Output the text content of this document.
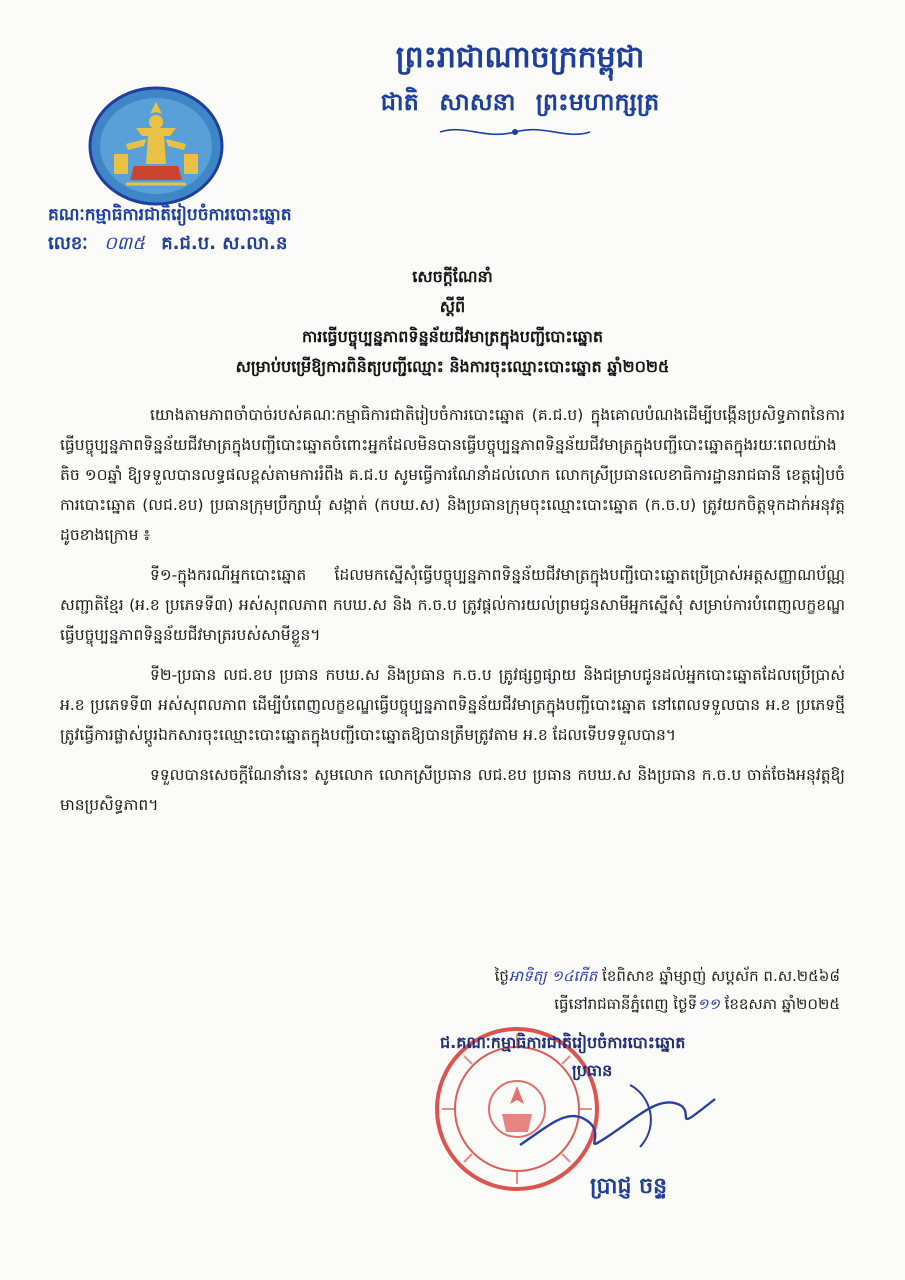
ព្រះរាជាណាចក្រកម្ពុជា
ជាតិ សាសនា ព្រះមហាក្សត្រ
គណៈកម្មាធិការជាតិរៀបចំការបោះឆ្នោត
លេខៈ ០៣៥ គ.ជ.ប. ស.លា.ន
សេចក្តីណែនាំ
ស្តីពី
ការធ្វើបច្ចុប្បន្នភាពទិន្នន័យជីវមាត្រក្នុងបញ្ជីបោះឆ្នោត
សម្រាប់បម្រើឱ្យការពិនិត្យបញ្ជីឈ្មោះ និងការចុះឈ្មោះបោះឆ្នោត ឆ្នាំ២០២៥

យោងតាមភាពចាំបាច់របស់គណៈកម្មាធិការជាតិរៀបចំការបោះឆ្នោត (គ.ជ.ប) ក្នុងគោលបំណងដើម្បីបង្កើនប្រសិទ្ធភាពនៃការធ្វើបច្ចុប្បន្នភាពទិន្នន័យជីវមាត្រក្នុងបញ្ជីបោះឆ្នោតចំពោះអ្នកដែលមិនបានធ្វើបច្ចុប្បន្នភាពទិន្នន័យជីវមាត្រក្នុងបញ្ជីបោះឆ្នោតក្នុងរយៈពេលយ៉ាងតិច ១០ឆ្នាំ ឱ្យទទួលបានលទ្ធផលខ្ពស់តាមការរំពឹង គ.ជ.ប សូមធ្វើការណែនាំដល់លោក លោកស្រីប្រធានលេខាធិការដ្ឋានរាជធានី ខេត្តរៀបចំការបោះឆ្នោត (លជ.ខប) ប្រធានក្រុមប្រឹក្សាឃុំ សង្កាត់ (កបឃ.ស) និងប្រធានក្រុមចុះឈ្មោះបោះឆ្នោត (ក.ច.ប) ត្រូវយកចិត្តទុកដាក់អនុវត្ត ដូចខាងក្រោម ៖

ទី១-ក្នុងករណីអ្នកបោះឆ្នោត ដែលមកស្នើសុំធ្វើបច្ចុប្បន្នភាពទិន្នន័យជីវមាត្រក្នុងបញ្ជីបោះឆ្នោតប្រើប្រាស់អត្តសញ្ញាណប័ណ្ណសញ្ជាតិខ្មែរ (អ.ខ ប្រភេទទី៣) អស់សុពលភាព កបឃ.ស និង ក.ច.ប ត្រូវផ្តល់ការយល់ព្រមជូនសាមីអ្នកស្នើសុំ សម្រាប់ការបំពេញលក្ខខណ្ឌធ្វើបច្ចុប្បន្នភាពទិន្នន័យជីវមាត្ររបស់សាមីខ្លួន។

ទី២-ប្រធាន លជ.ខប ប្រធាន កបឃ.ស និងប្រធាន ក.ច.ប ត្រូវផ្សព្វផ្សាយ និងជម្រាបជូនដល់អ្នកបោះឆ្នោតដែលប្រើប្រាស់ អ.ខ ប្រភេទទី៣ អស់សុពលភាព ដើម្បីបំពេញលក្ខខណ្ឌធ្វើបច្ចុប្បន្នភាពទិន្នន័យជីវមាត្រក្នុងបញ្ជីបោះឆ្នោត នៅពេលទទួលបាន អ.ខ ប្រភេទថ្មី ត្រូវធ្វើការផ្លាស់ប្តូរឯកសារចុះឈ្មោះបោះឆ្នោតក្នុងបញ្ជីបោះឆ្នោតឱ្យបានត្រឹមត្រូវតាម អ.ខ ដែលទើបទទួលបាន។

ទទួលបានសេចក្តីណែនាំនេះ សូមលោក លោកស្រីប្រធាន លជ.ខប ប្រធាន កបឃ.ស និងប្រធាន ក.ច.ប ចាត់ចែងអនុវត្តឱ្យមានប្រសិទ្ធភាព។

ថ្ងៃអាទិត្យ ១៤កើត ខែពិសាខ ឆ្នាំម្សាញ់ សប្តស័ក ព.ស.២៥៦៨
ធ្វើនៅរាជធានីភ្នំពេញ ថ្ងៃទី១១ ខែឧសភា ឆ្នាំ២០២៥
ជ.គណៈកម្មាធិការជាតិរៀបចំការបោះឆ្នោត
ប្រធាន
ប្រាជ្ញ ចន្ទ
